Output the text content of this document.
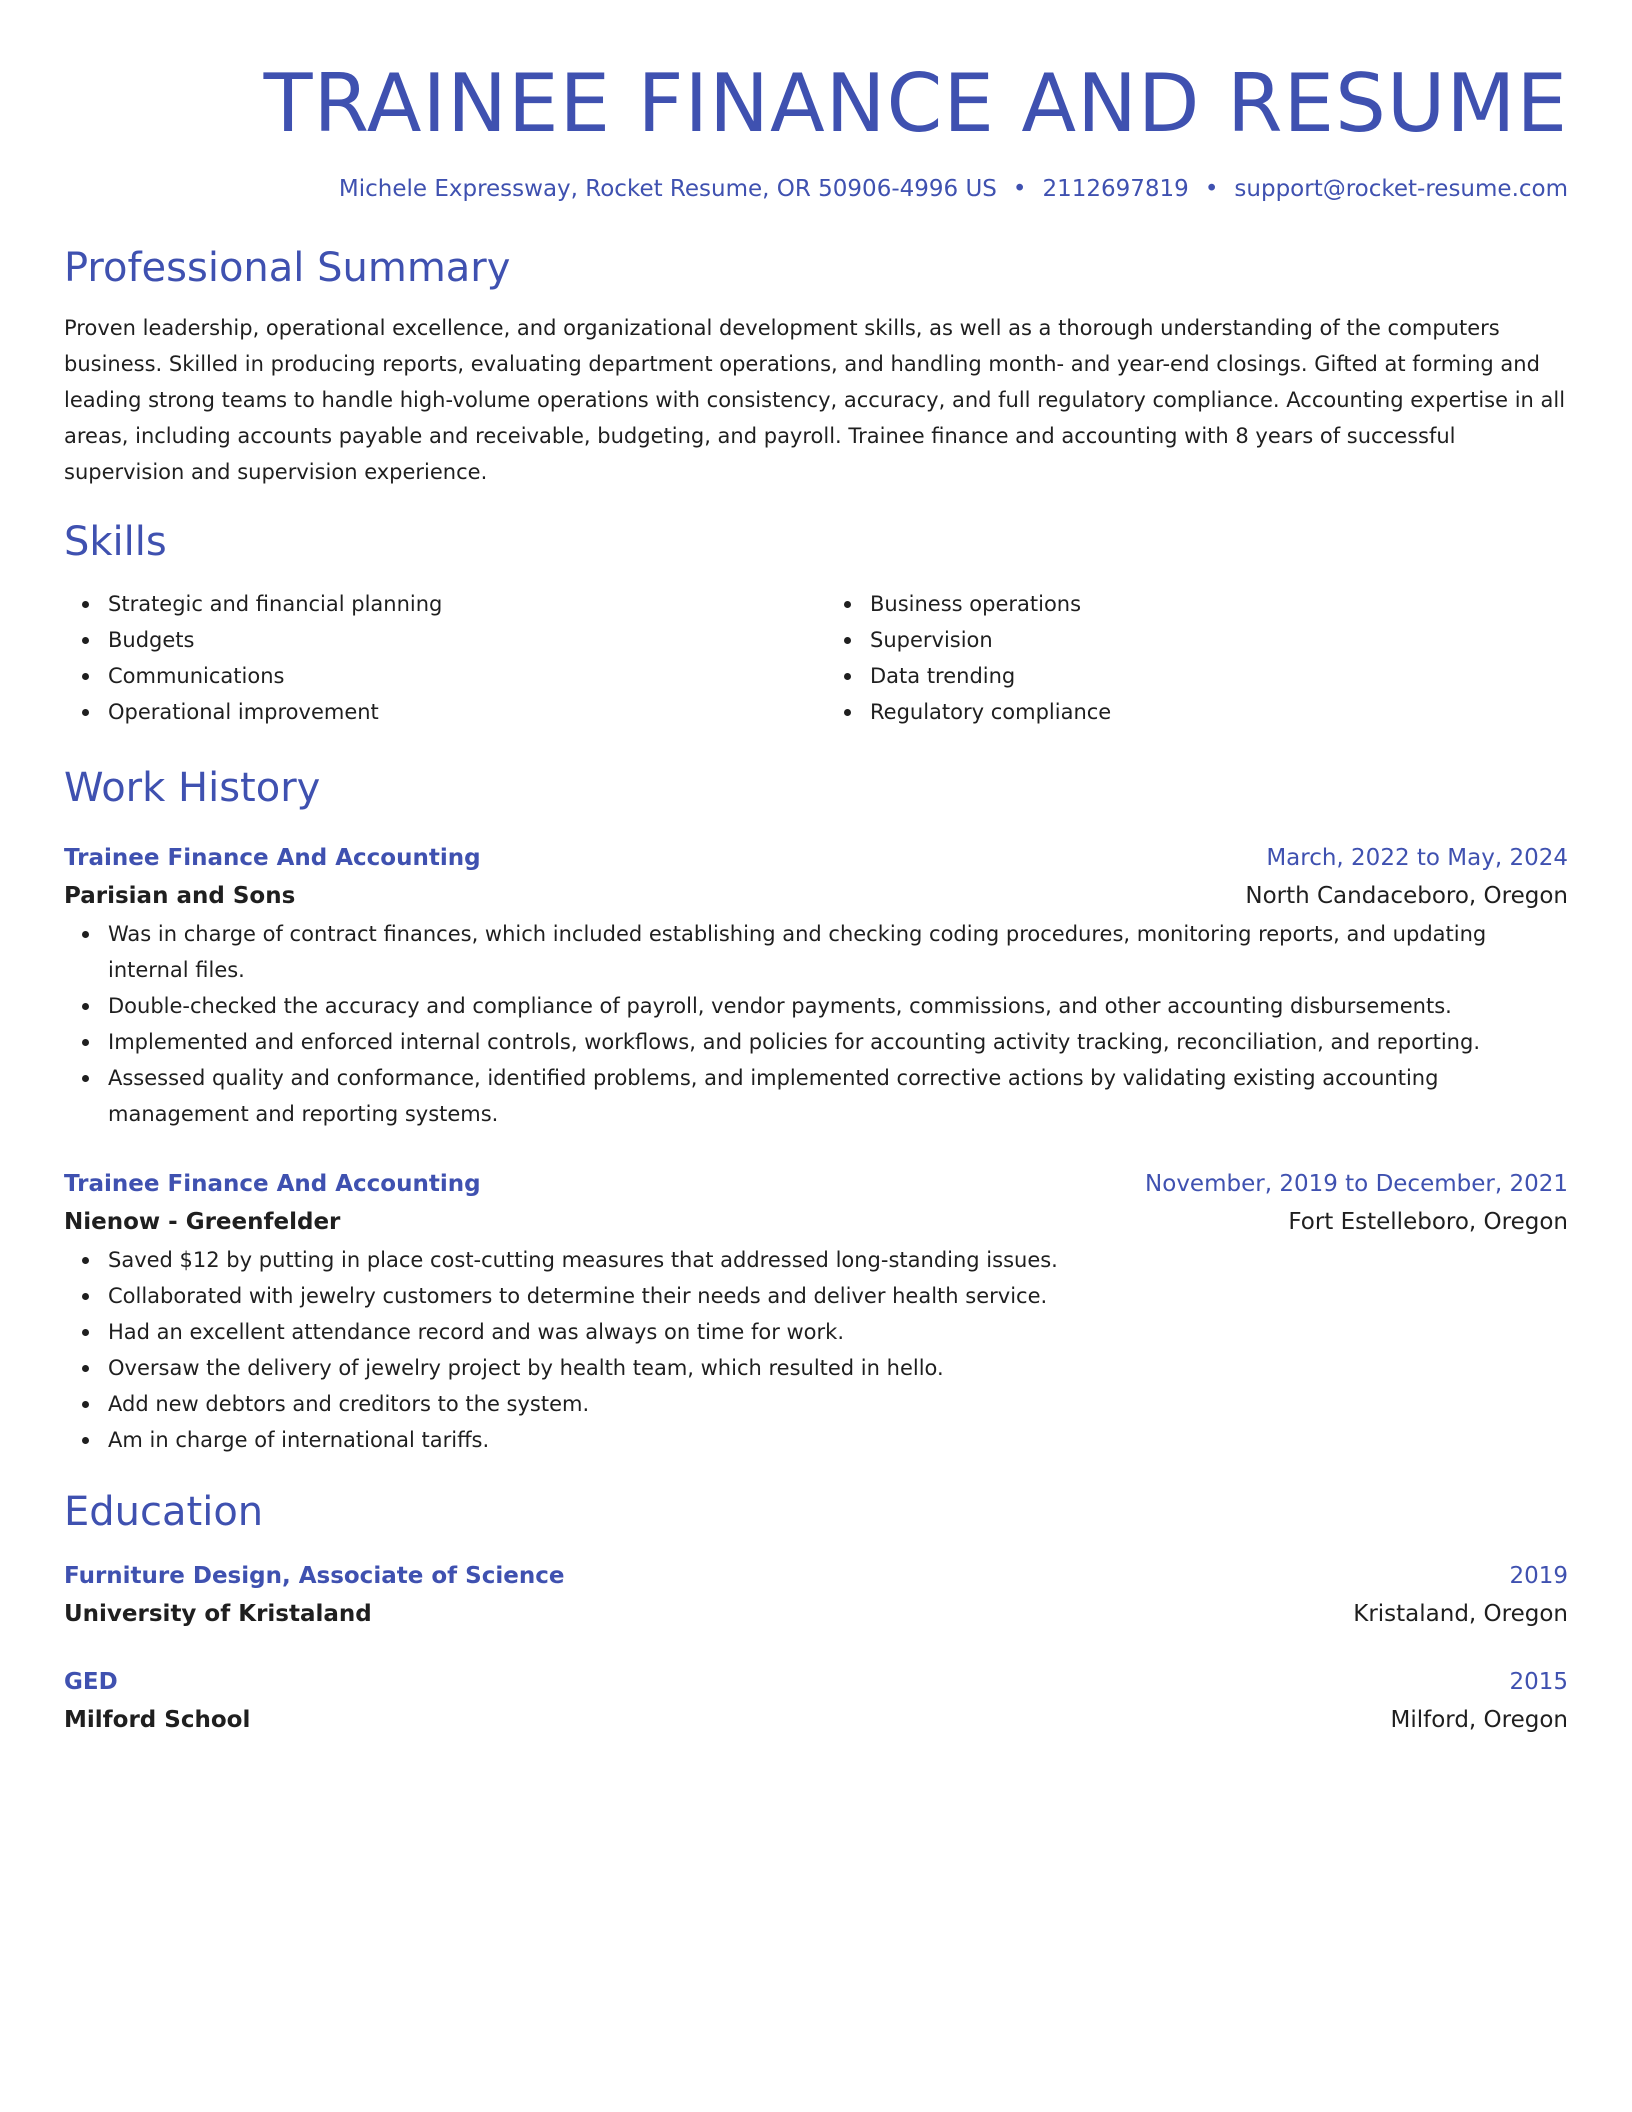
TRAINEE FINANCE AND RESUME
Michele Expressway, Rocket Resume, OR 50906-4996 US • 2112697819 • support@rocket-resume.com
Professional Summary
Proven leadership, operational excellence, and organizational development skills, as well as a thorough understanding of the computers business. Skilled in producing reports, evaluating department operations, and handling month- and year-end closings. Gifted at forming and leading strong teams to handle high-volume operations with consistency, accuracy, and full regulatory compliance. Accounting expertise in all areas, including accounts payable and receivable, budgeting, and payroll. Trainee finance and accounting with 8 years of successful supervision and supervision experience.
Skills
Strategic and financial planning
Budgets
Communications
Operational improvement
Business operations
Supervision
Data trending
Regulatory compliance
Work History
Trainee Finance And Accounting	March, 2022 to May, 2024
Parisian and Sons	North Candaceboro, Oregon
Was in charge of contract finances, which included establishing and checking coding procedures, monitoring reports, and updating internal files.
Double-checked the accuracy and compliance of payroll, vendor payments, commissions, and other accounting disbursements.
Implemented and enforced internal controls, workflows, and policies for accounting activity tracking, reconciliation, and reporting.
Assessed quality and conformance, identified problems, and implemented corrective actions by validating existing accounting management and reporting systems.
Trainee Finance And Accounting	November, 2019 to December, 2021
Nienow - Greenfelder	Fort Estelleboro, Oregon
Saved $12 by putting in place cost-cutting measures that addressed long-standing issues.
Collaborated with jewelry customers to determine their needs and deliver health service.
Had an excellent attendance record and was always on time for work.
Oversaw the delivery of jewelry project by health team, which resulted in hello.
Add new debtors and creditors to the system.
Am in charge of international tariffs.
Education
Furniture Design, Associate of Science	2019
University of Kristaland	Kristaland, Oregon
GED	2015
Milford School	Milford, Oregon
